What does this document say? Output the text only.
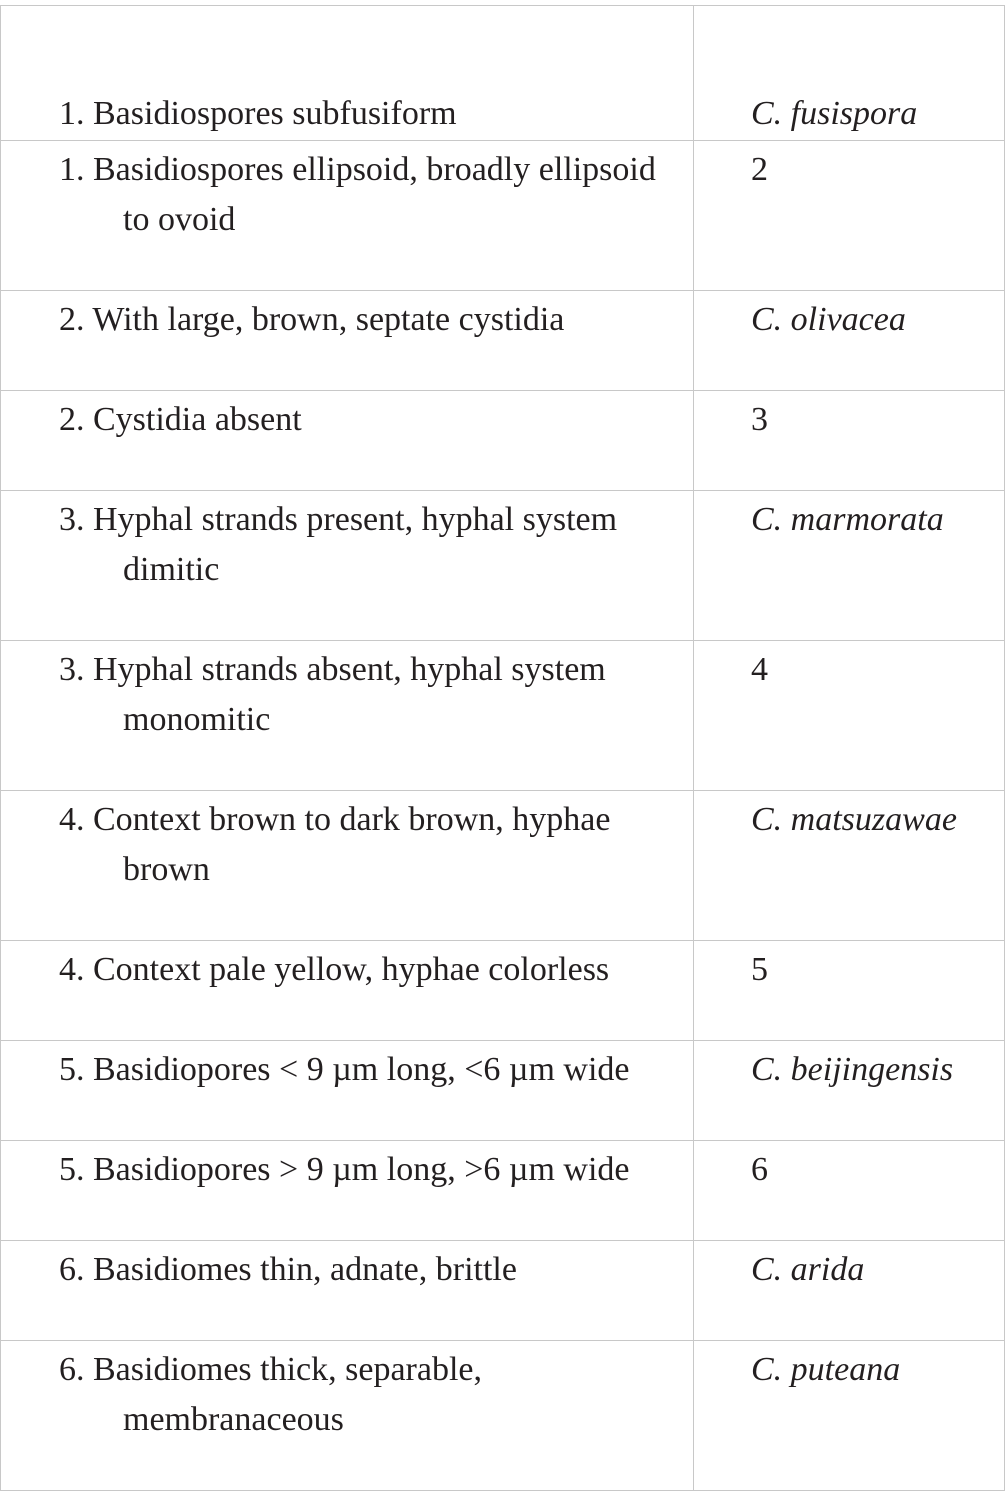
1. Basidiospores subfusiform	C. fusispora

1. Basidiospores ellipsoid, broadly ellipsoid to ovoid	2

2. With large, brown, septate cystidia	C. olivacea

2. Cystidia absent	3

3. Hyphal strands present, hyphal system dimitic	C. marmorata

3. Hyphal strands absent, hyphal system monomitic	4

4. Context brown to dark brown, hyphae brown	C. matsuzawae

4. Context pale yellow, hyphae colorless	5

5. Basidiopores < 9 µm long, <6 µm wide	C. beijingensis

5. Basidiopores > 9 µm long, >6 µm wide	6

6. Basidiomes thin, adnate, brittle	C. arida

6. Basidiomes thick, separable, membranaceous	C. puteana
